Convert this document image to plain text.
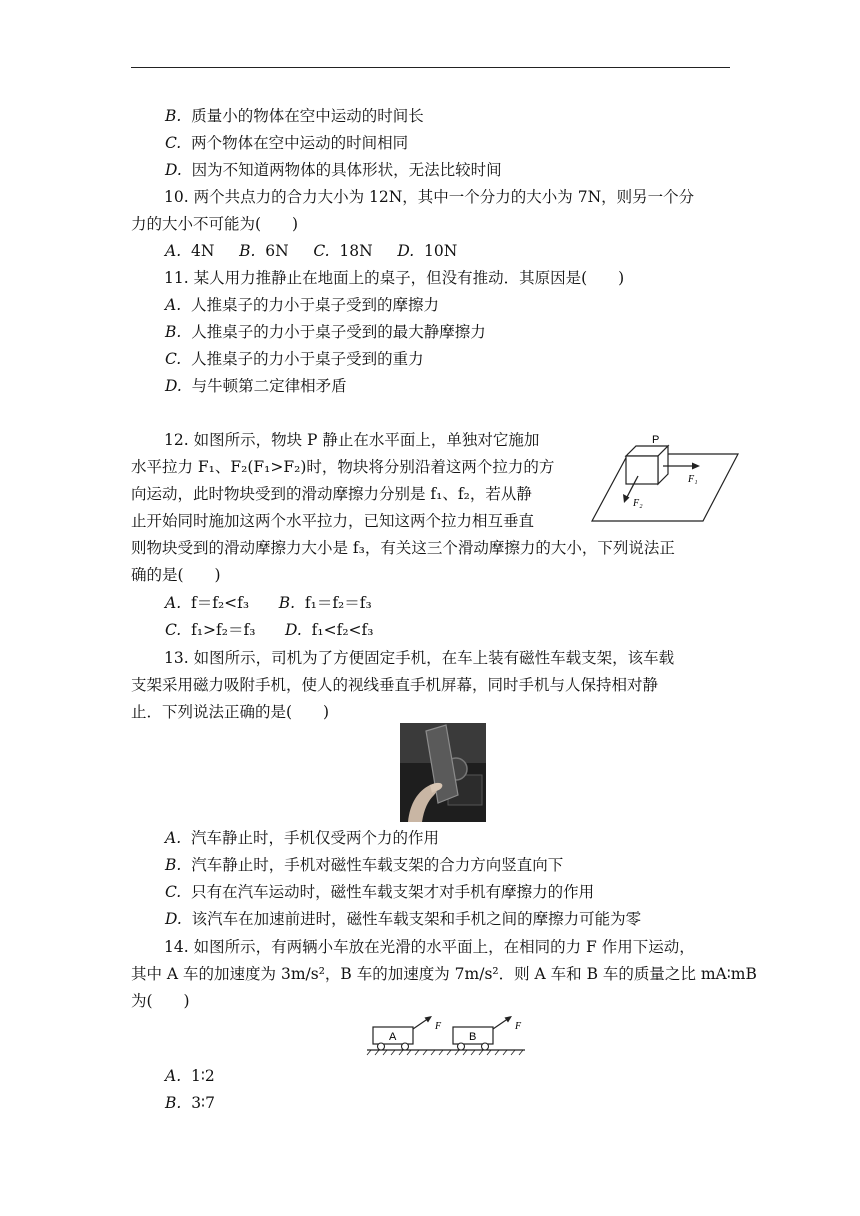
B. 质量小的物体在空中运动的时间长
C. 两个物体在空中运动的时间相同
D. 因为不知道两物体的具体形状，无法比较时间
10. 两个共点力的合力大小为 12N，其中一个分力的大小为 7N，则另一个分
力的大小不可能为(　　)
A. 4N B. 6N C. 18N D. 10N
11. 某人用力推静止在地面上的桌子，但没有推动．其原因是(　　)
A. 人推桌子的力小于桌子受到的摩擦力
B. 人推桌子的力小于桌子受到的最大静摩擦力
C. 人推桌子的力小于桌子受到的重力
D. 与牛顿第二定律相矛盾
12. 如图所示，物块 P 静止在水平面上，单独对它施加
水平拉力 F₁、F₂(F₁>F₂)时，物块将分别沿着这两个拉力的方
向运动，此时物块受到的滑动摩擦力分别是 f₁、f₂，若从静
止开始同时施加这两个水平拉力，已知这两个拉力相互垂直
则物块受到的滑动摩擦力大小是 f₃，有关这三个滑动摩擦力的大小，下列说法正
确的是(　　)
A. f＝f₂<f₃ B. f₁＝f₂＝f₃
C. f₁>f₂＝f₃ D. f₁<f₂<f₃
P
F₁
F₂
13. 如图所示，司机为了方便固定手机，在车上装有磁性车载支架，该车载
支架采用磁力吸附手机，使人的视线垂直手机屏幕，同时手机与人保持相对静
止．下列说法正确的是(　　)
A. 汽车静止时，手机仅受两个力的作用
B. 汽车静止时，手机对磁性车载支架的合力方向竖直向下
C. 只有在汽车运动时，磁性车载支架才对手机有摩擦力的作用
D. 该汽车在加速前进时，磁性车载支架和手机之间的摩擦力可能为零
14. 如图所示，有两辆小车放在光滑的水平面上，在相同的力 F 作用下运动，
其中 A 车的加速度为 3m/s²，B 车的加速度为 7m/s²．则 A 车和 B 车的质量之比 mA∶mB
为(　　)
A
F
B
F
A. 1∶2
B. 3∶7
